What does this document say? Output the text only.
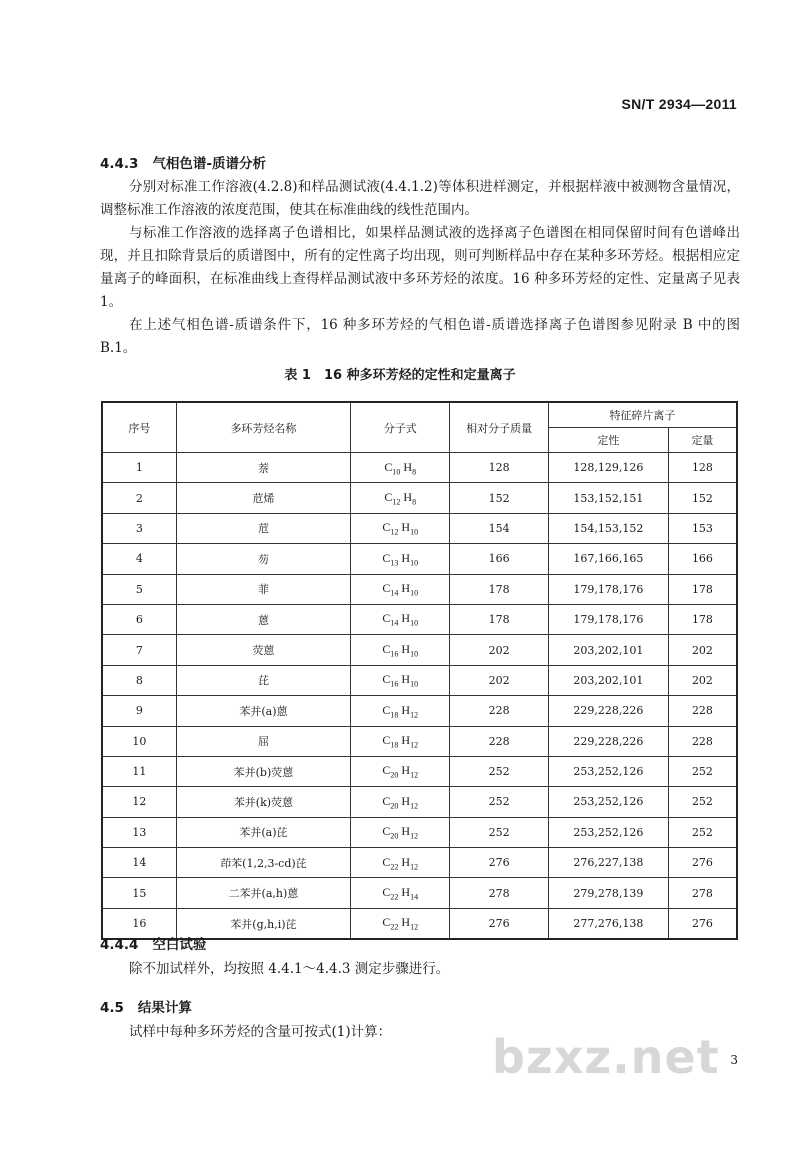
SN/T 2934—2011
4.4.3 气相色谱-质谱分析

分别对标准工作溶液(4.2.8)和样品测试液(4.4.1.2)等体积进样测定，并根据样液中被测物含量情况，调整标准工作溶液的浓度范围，使其在标准曲线的线性范围内。

与标准工作溶液的选择离子色谱相比，如果样品测试液的选择离子色谱图在相同保留时间有色谱峰出现，并且扣除背景后的质谱图中，所有的定性离子均出现，则可判断样品中存在某种多环芳烃。根据相应定量离子的峰面积，在标准曲线上查得样品测试液中多环芳烃的浓度。16 种多环芳烃的定性、定量离子见表 1。

在上述气相色谱-质谱条件下，16 种多环芳烃的气相色谱-质谱选择离子色谱图参见附录 B 中的图 B.1。

表 1　16 种多环芳烃的定性和定量离子
序号	多环芳烃名称	分子式	相对分子质量	特征碎片离子	
				定性	定量
1	萘	$C_{10}$ $H_8$	128	128,129,126	128
2	苊烯	$C_{12}$ $H_8$	152	153,152,151	152
3	苊	$C_{12}$ $H_{10}$	154	154,153,152	153
4	芴	$C_{13}$ $H_{10}$	166	167,166,165	166
5	菲	$C_{14}$ $H_{10}$	178	179,178,176	178
6	蒽	$C_{14}$ $H_{10}$	178	179,178,176	178
7	荧蒽	$C_{16}$ $H_{10}$	202	203,202,101	202
8	芘	$C_{16}$ $H_{10}$	202	203,202,101	202
9	苯并(a)蒽	$C_{18}$ $H_{12}$	228	229,228,226	228
10	屈	$C_{18}$ $H_{12}$	228	229,228,226	228
11	苯并(b)荧蒽	$C_{20}$ $H_{12}$	252	253,252,126	252
12	苯并(k)荧蒽	$C_{20}$ $H_{12}$	252	253,252,126	252
13	苯并(a)芘	$C_{20}$ $H_{12}$	252	253,252,126	252
14	茚苯(1,2,3-cd)芘	$C_{22}$ $H_{12}$	276	276,227,138	276
15	二苯并(a,h)蒽	$C_{22}$ $H_{14}$	278	279,278,139	278
16	苯并(g,h,i)芘	$C_{22}$ $H_{12}$	276	277,276,138	276
4.4.4 空白试验

除不加试样外，均按照 4.4.1～4.4.3 测定步骤进行。

4.5 结果计算

试样中每种多环芳烃的含量可按式(1)计算：	bzxz.net 3
